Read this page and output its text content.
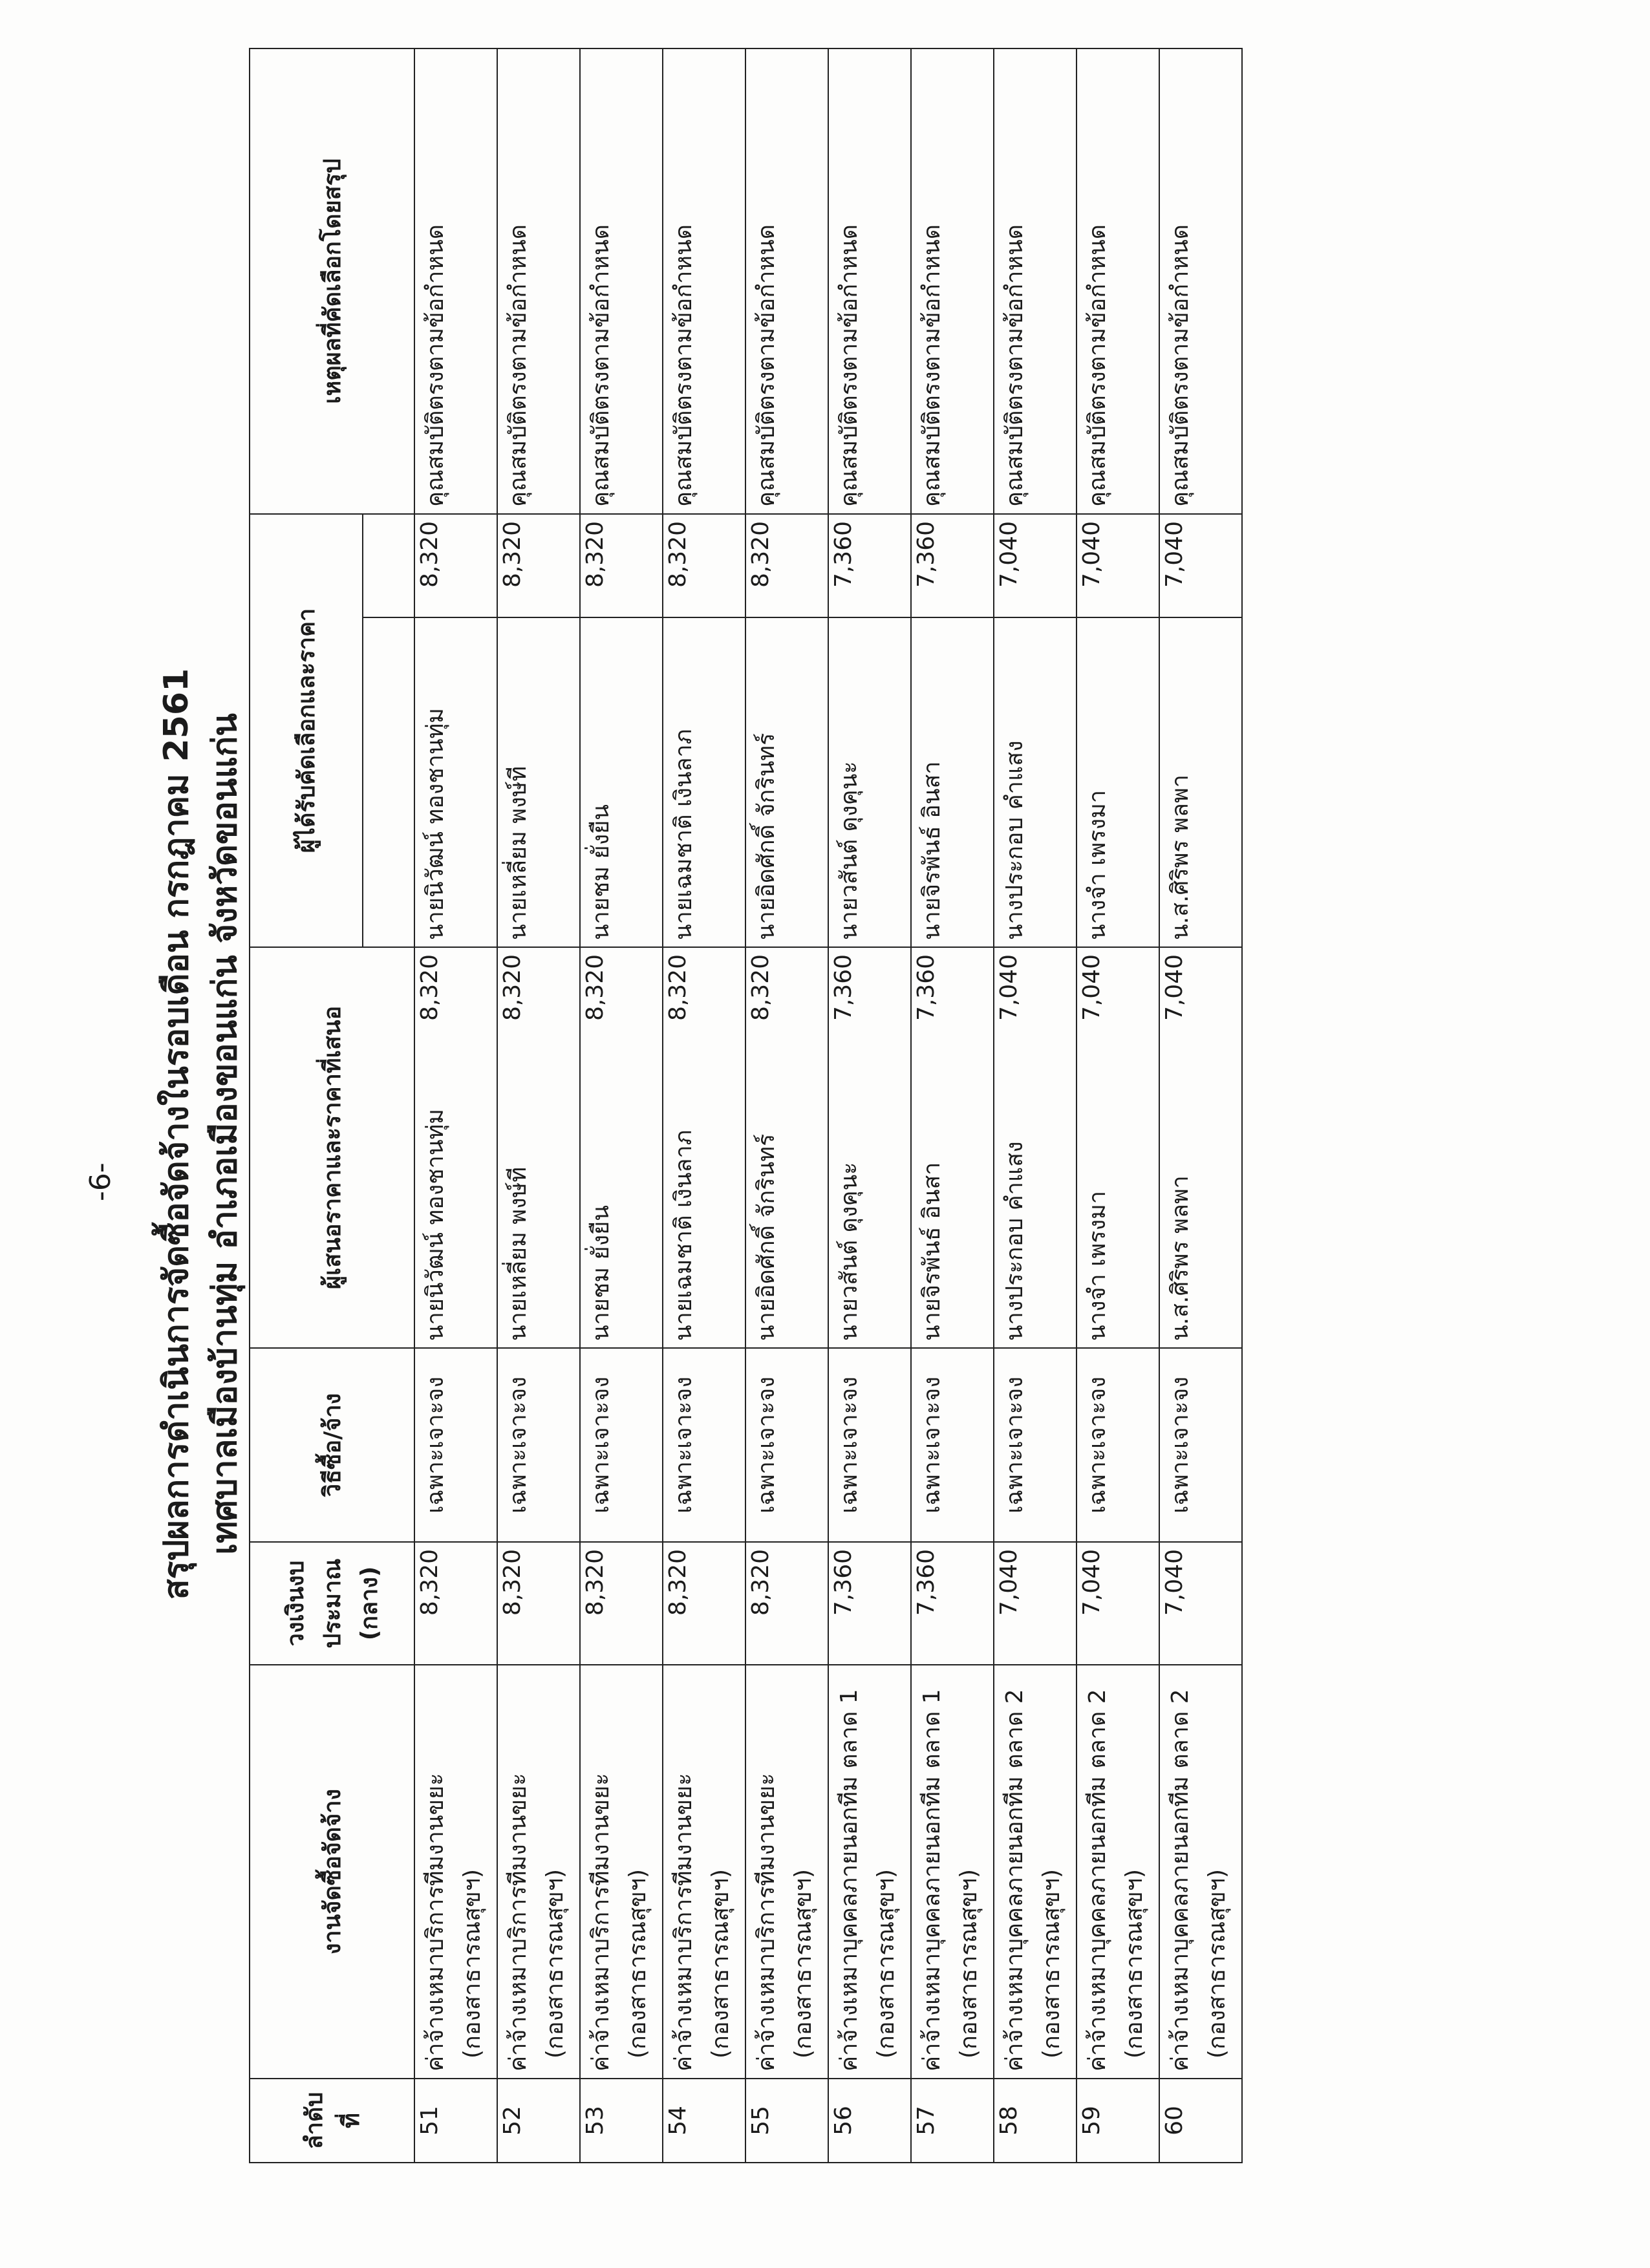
-6- สรุปผลการดำเนินการจัดซื้อจัดจ้างในรอบเดือน กรกฎาคม 2561 เทศบาลเมืองบ้านทุ่ม อำเภอเมืองขอนแก่น จังหวัดขอนแก่น
ลำดับที่	งานจัดซื้อจัดจ้าง	วงเงินงบประมาณ (กลาง)	วิธีซื้อ/จ้าง	ผู้เสนอราคาและราคาที่เสนอ		ผู้ได้รับคัดเลือกและราคา		เหตุผลที่คัดเลือกโดยสรุป

51	ค่าจ้างเหมาบริการทีมงานขยะ (กองสาธารณสุขฯ)	8,320	เฉพาะเจาะจง	นายนิวัฒน์ ทองชานทุ่ม	8,320	นายนิวัฒน์ ทองชานทุ่ม	8,320	คุณสมบัติตรงตามข้อกำหนด
52	ค่าจ้างเหมาบริการทีมงานขยะ (กองสาธารณสุขฯ)	8,320	เฉพาะเจาะจง	นายเหลี่ยม พงษ์ที	8,320	นายเหลี่ยม พงษ์ที	8,320	คุณสมบัติตรงตามข้อกำหนด
53	ค่าจ้างเหมาบริการทีมงานขยะ (กองสาธารณสุขฯ)	8,320	เฉพาะเจาะจง	นายชม ยั่งยืน	8,320	นายชม ยั่งยืน	8,320	คุณสมบัติตรงตามข้อกำหนด
54	ค่าจ้างเหมาบริการทีมงานขยะ (กองสาธารณสุขฯ)	8,320	เฉพาะเจาะจง	นายเฉมชาติ เงินลาภ	8,320	นายเฉมชาติ เงินลาภ	8,320	คุณสมบัติตรงตามข้อกำหนด
55	ค่าจ้างเหมาบริการทีมงานขยะ (กองสาธารณสุขฯ)	8,320	เฉพาะเจาะจง	นายอิดศักดิ์ จักรินทร์	8,320	นายอิดศักดิ์ จักรินทร์	8,320	คุณสมบัติตรงตามข้อกำหนด
56	ค่าจ้างเหมาบุคคลภายนอกทีม ตลาด 1 (กองสาธารณสุขฯ)	7,360	เฉพาะเจาะจง	นายวสันต์ ดุงคุนะ	7,360	นายวสันต์ ดุงคุนะ	7,360	คุณสมบัติตรงตามข้อกำหนด
57	ค่าจ้างเหมาบุคคลภายนอกทีม ตลาด 1 (กองสาธารณสุขฯ)	7,360	เฉพาะเจาะจง	นายจิรพันธ์ อินสา	7,360	นายจิรพันธ์ อินสา	7,360	คุณสมบัติตรงตามข้อกำหนด
58	ค่าจ้างเหมาบุคคลภายนอกทีม ตลาด 2 (กองสาธารณสุขฯ)	7,040	เฉพาะเจาะจง	นางประกอบ คำแสง	7,040	นางประกอบ คำแสง	7,040	คุณสมบัติตรงตามข้อกำหนด
59	ค่าจ้างเหมาบุคคลภายนอกทีม ตลาด 2 (กองสาธารณสุขฯ)	7,040	เฉพาะเจาะจง	นางจำ เพรงมา	7,040	นางจำ เพรงมา	7,040	คุณสมบัติตรงตามข้อกำหนด
60	ค่าจ้างเหมาบุคคลภายนอกทีม ตลาด 2 (กองสาธารณสุขฯ)	7,040	เฉพาะเจาะจง	น.ส.ศิริพร พลพา	7,040	น.ส.ศิริพร พลพา	7,040	คุณสมบัติตรงตามข้อกำหนด
